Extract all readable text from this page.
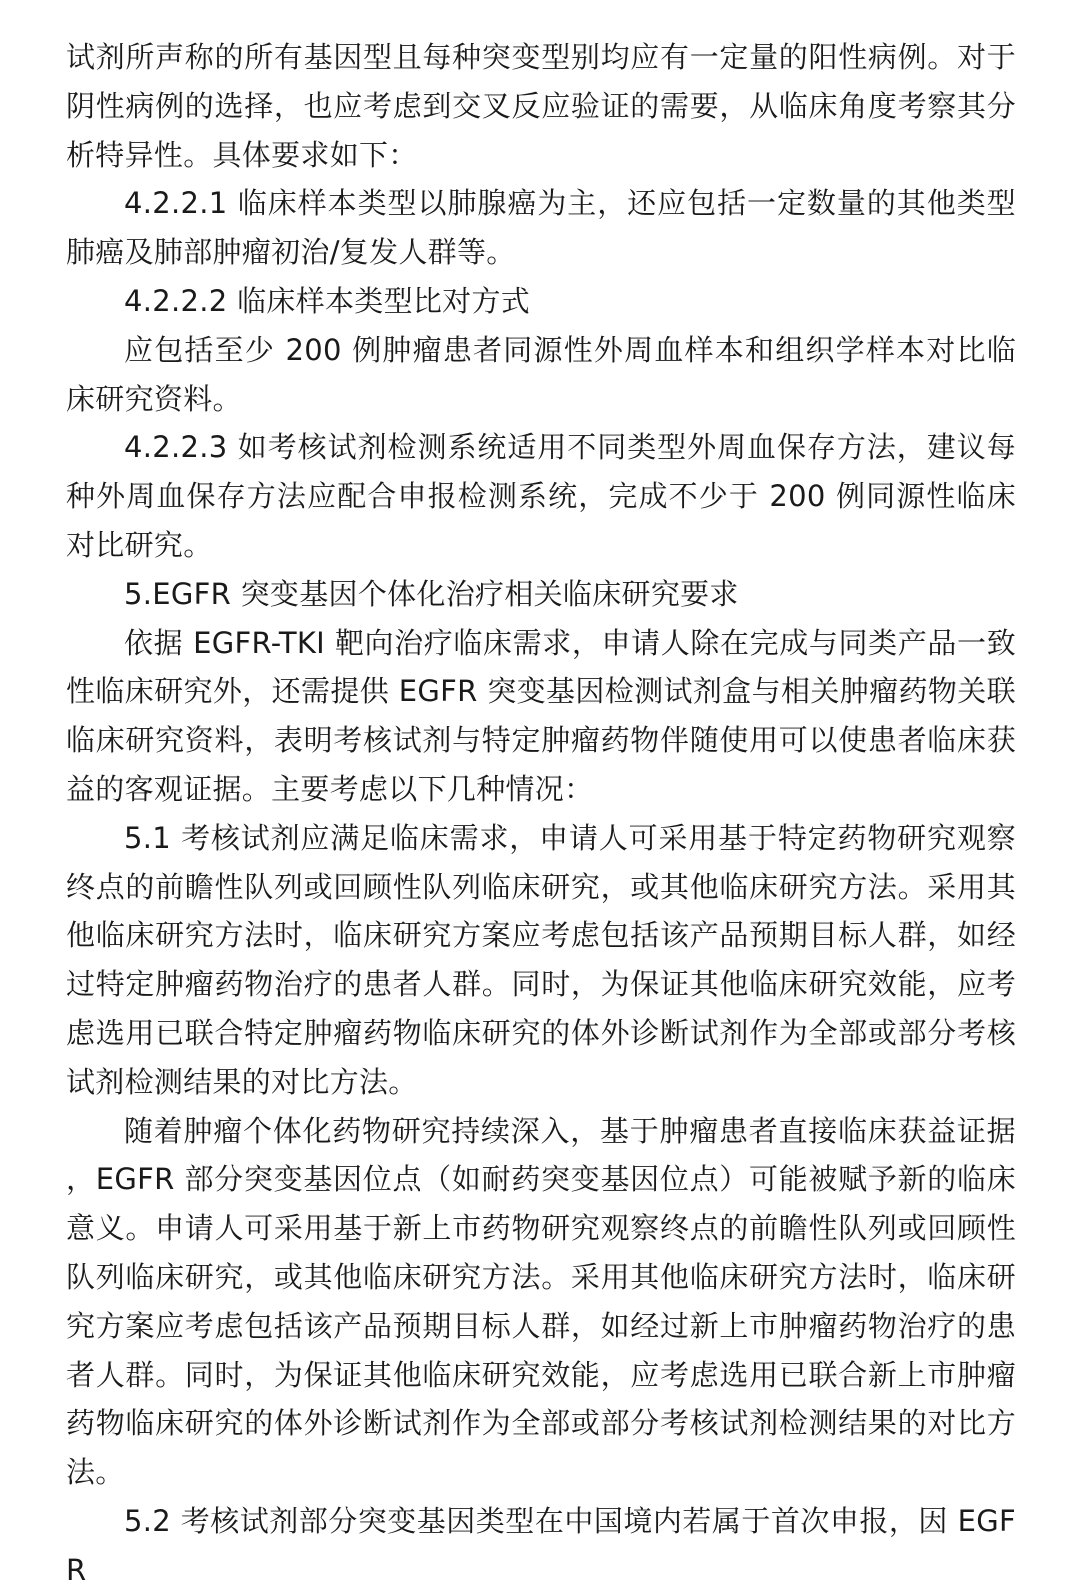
试剂所声称的所有基因型且每种突变型别均应有一定量的阳性病例。对于阴性病例的选择，也应考虑到交叉反应验证的需要，从临床角度考察其分析特异性。具体要求如下：

4.2.2.1 临床样本类型以肺腺癌为主，还应包括一定数量的其他类型肺癌及肺部肿瘤初治/复发人群等。

4.2.2.2 临床样本类型比对方式

应包括至少 200 例肿瘤患者同源性外周血样本和组织学样本对比临床研究资料。

4.2.2.3 如考核试剂检测系统适用不同类型外周血保存方法，建议每种外周血保存方法应配合申报检测系统，完成不少于 200 例同源性临床对比研究。

5.EGFR 突变基因个体化治疗相关临床研究要求

依据 EGFR-TKI 靶向治疗临床需求，申请人除在完成与同类产品一致性临床研究外，还需提供 EGFR 突变基因检测试剂盒与相关肿瘤药物关联临床研究资料，表明考核试剂与特定肿瘤药物伴随使用可以使患者临床获益的客观证据。主要考虑以下几种情况：

5.1 考核试剂应满足临床需求，申请人可采用基于特定药物研究观察终点的前瞻性队列或回顾性队列临床研究，或其他临床研究方法。采用其他临床研究方法时，临床研究方案应考虑包括该产品预期目标人群，如经过特定肿瘤药物治疗的患者人群。同时，为保证其他临床研究效能，应考虑选用已联合特定肿瘤药物临床研究的体外诊断试剂作为全部或部分考核试剂检测结果的对比方法。

随着肿瘤个体化药物研究持续深入，基于肿瘤患者直接临床获益证据，EGFR 部分突变基因位点（如耐药突变基因位点）可能被赋予新的临床意义。申请人可采用基于新上市药物研究观察终点的前瞻性队列或回顾性队列临床研究，或其他临床研究方法。采用其他临床研究方法时，临床研究方案应考虑包括该产品预期目标人群，如经过新上市肿瘤药物治疗的患者人群。同时，为保证其他临床研究效能，应考虑选用已联合新上市肿瘤药物临床研究的体外诊断试剂作为全部或部分考核试剂检测结果的对比方法。

5.2 考核试剂部分突变基因类型在中国境内若属于首次申报，因 EGFR
